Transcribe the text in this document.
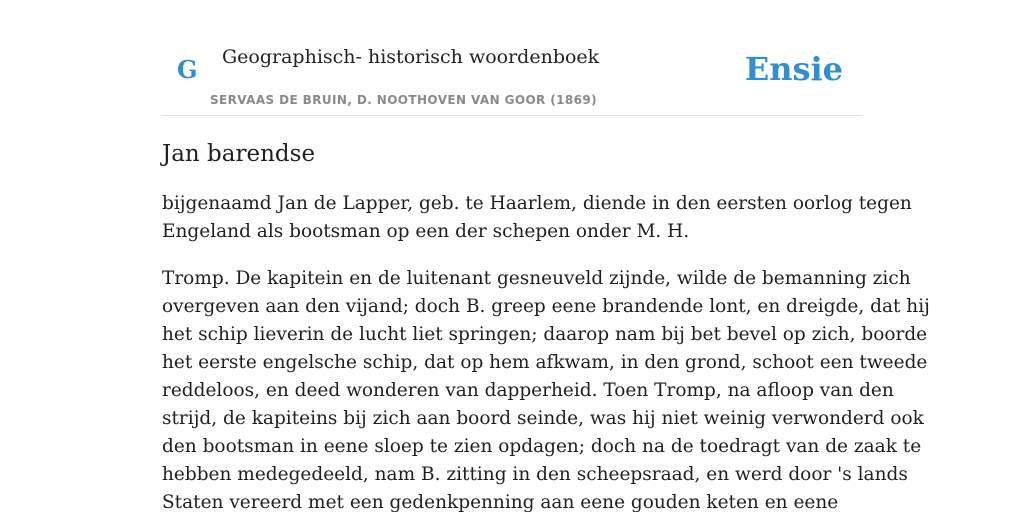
G Geographisch- historisch woordenboek
SERVAAS DE BRUIN, D. NOOTHOVEN VAN GOOR (1869)
Ensie
Jan barendse

bijgenaamd Jan de Lapper, geb. te Haarlem, diende in den eersten oorlog tegen
Engeland als bootsman op een der schepen onder M. H.

Tromp. De kapitein en de luitenant gesneuveld zijnde, wilde de bemanning zich
overgeven aan den vijand; doch B. greep eene brandende lont, en dreigde, dat hij
het schip lieverin de lucht liet springen; daarop nam bij bet bevel op zich, boorde
het eerste engelsche schip, dat op hem afkwam, in den grond, schoot een tweede
reddeloos, en deed wonderen van dapperheid. Toen Tromp, na afloop van den
strijd, de kapiteins bij zich aan boord seinde, was hij niet weinig verwonderd ook
den bootsman in eene sloep te zien opdagen; doch na de toedragt van de zaak te
hebben medegedeeld, nam B. zitting in den scheepsraad, en werd door 's lands
Staten vereerd met een gedenkpenning aan eene gouden keten en eene
